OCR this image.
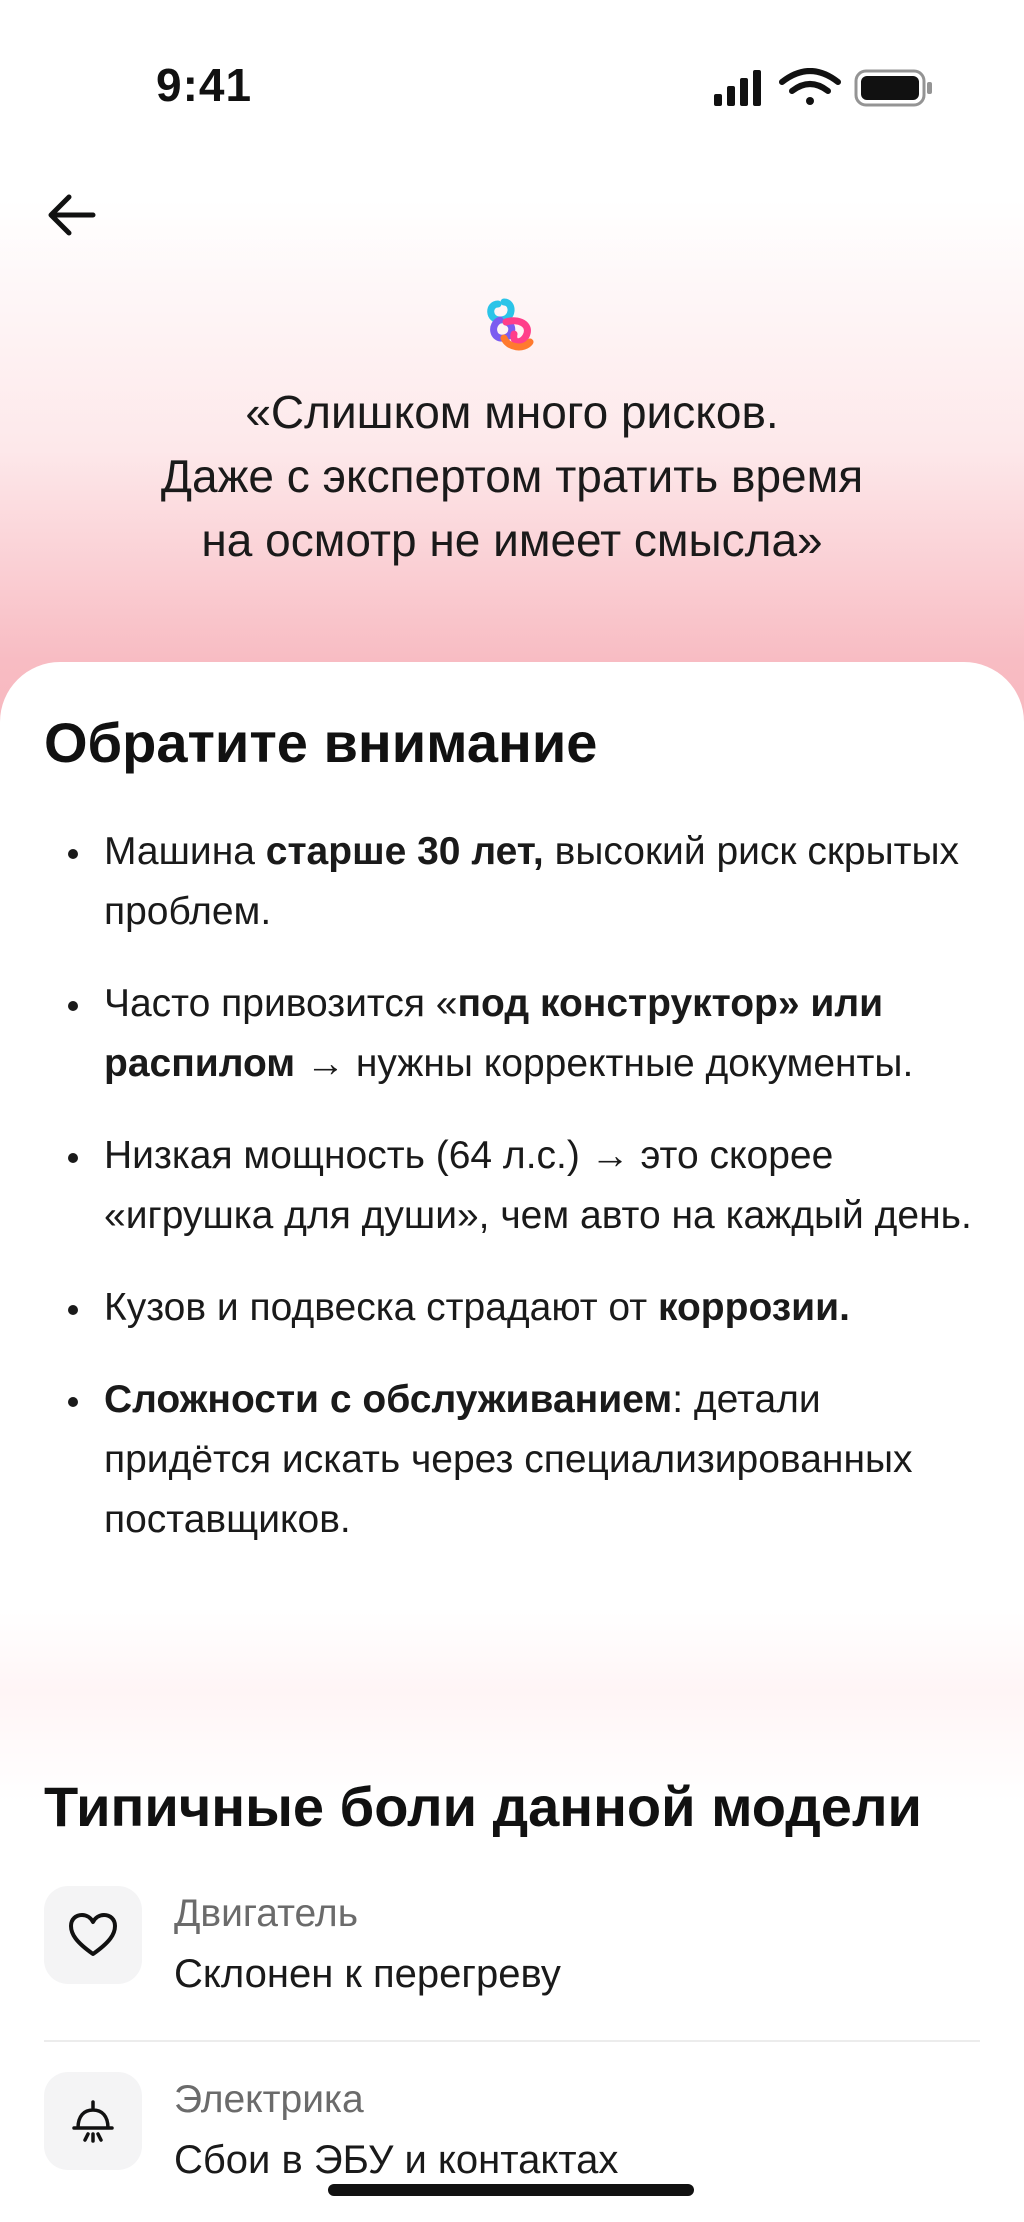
9:41
«Слишком много рисков.
Даже с экспертом тратить время
на осмотр не имеет смысла»
Обратите внимание
Машина старше 30 лет, высокий риск скрытых проблем.
Часто привозится «под конструктор» или распилом → нужны корректные документы.
Низкая мощность (64 л.с.) → это скорее «игрушка для души», чем авто на каждый день.
Кузов и подвеска страдают от коррозии.
Сложности с обслуживанием: детали придётся искать через специализированных поставщиков.
Типичные боли данной модели
Двигатель
Склонен к перегреву
Электрика
Сбои в ЭБУ и контактах
